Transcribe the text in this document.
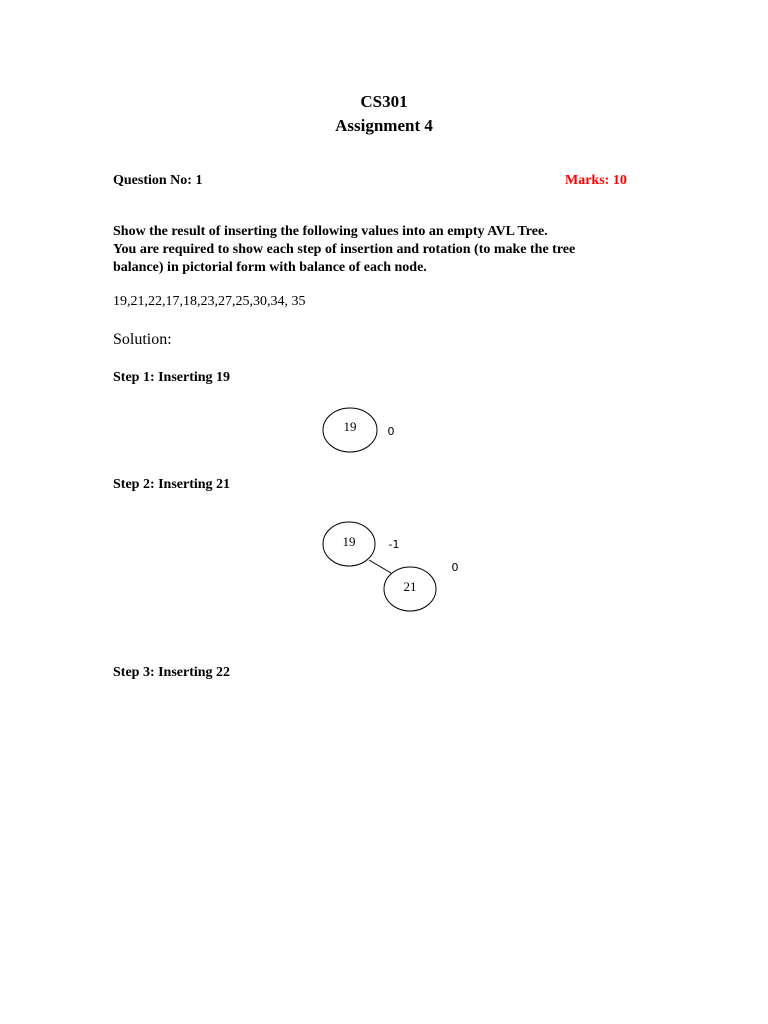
CS301
Assignment 4
Question No: 1	Marks: 10
Show the result of inserting the following values into an empty AVL Tree.
You are required to show each step of insertion and rotation (to make the tree
balance) in pictorial form with balance of each node.
19,21,22,17,18,23,27,25,30,34, 35
Solution:
Step 1: Inserting 19
Step 2: Inserting 21
Step 3: Inserting 22
19	0
19	-1
21
0
